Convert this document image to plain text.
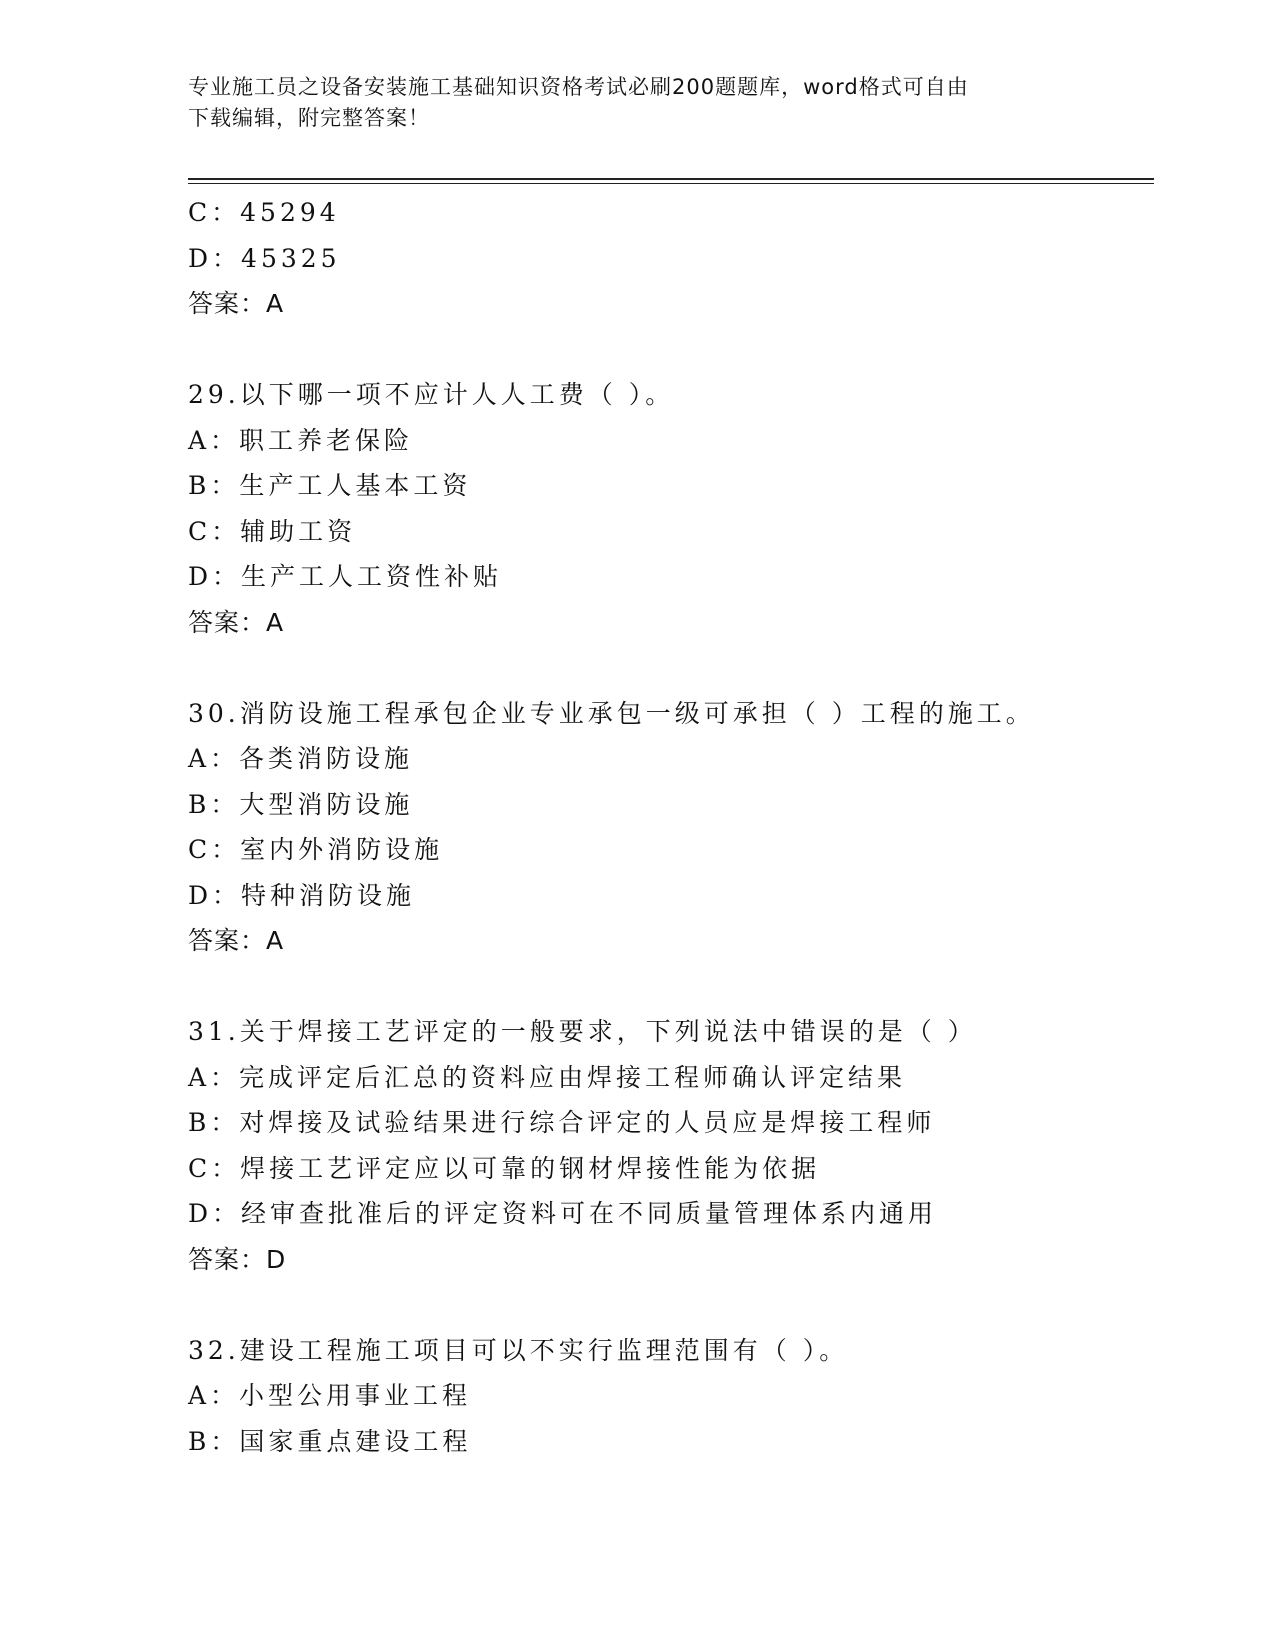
专业施工员之设备安装施工基础知识资格考试必刷200题题库，word格式可自由
下载编辑，附完整答案！
C：45294
D：45325
答案：A
29.以下哪一项不应计人人工费（ ）。
A：职工养老保险
B：生产工人基本工资
C：辅助工资
D：生产工人工资性补贴
答案：A
30.消防设施工程承包企业专业承包一级可承担（ ）工程的施工。
A：各类消防设施
B：大型消防设施
C：室内外消防设施
D：特种消防设施
答案：A
31.关于焊接工艺评定的一般要求，下列说法中错误的是（ ）
A：完成评定后汇总的资料应由焊接工程师确认评定结果
B：对焊接及试验结果进行综合评定的人员应是焊接工程师
C：焊接工艺评定应以可靠的钢材焊接性能为依据
D：经审查批准后的评定资料可在不同质量管理体系内通用
答案：D
32.建设工程施工项目可以不实行监理范围有（ ）。
A：小型公用事业工程
B：国家重点建设工程
